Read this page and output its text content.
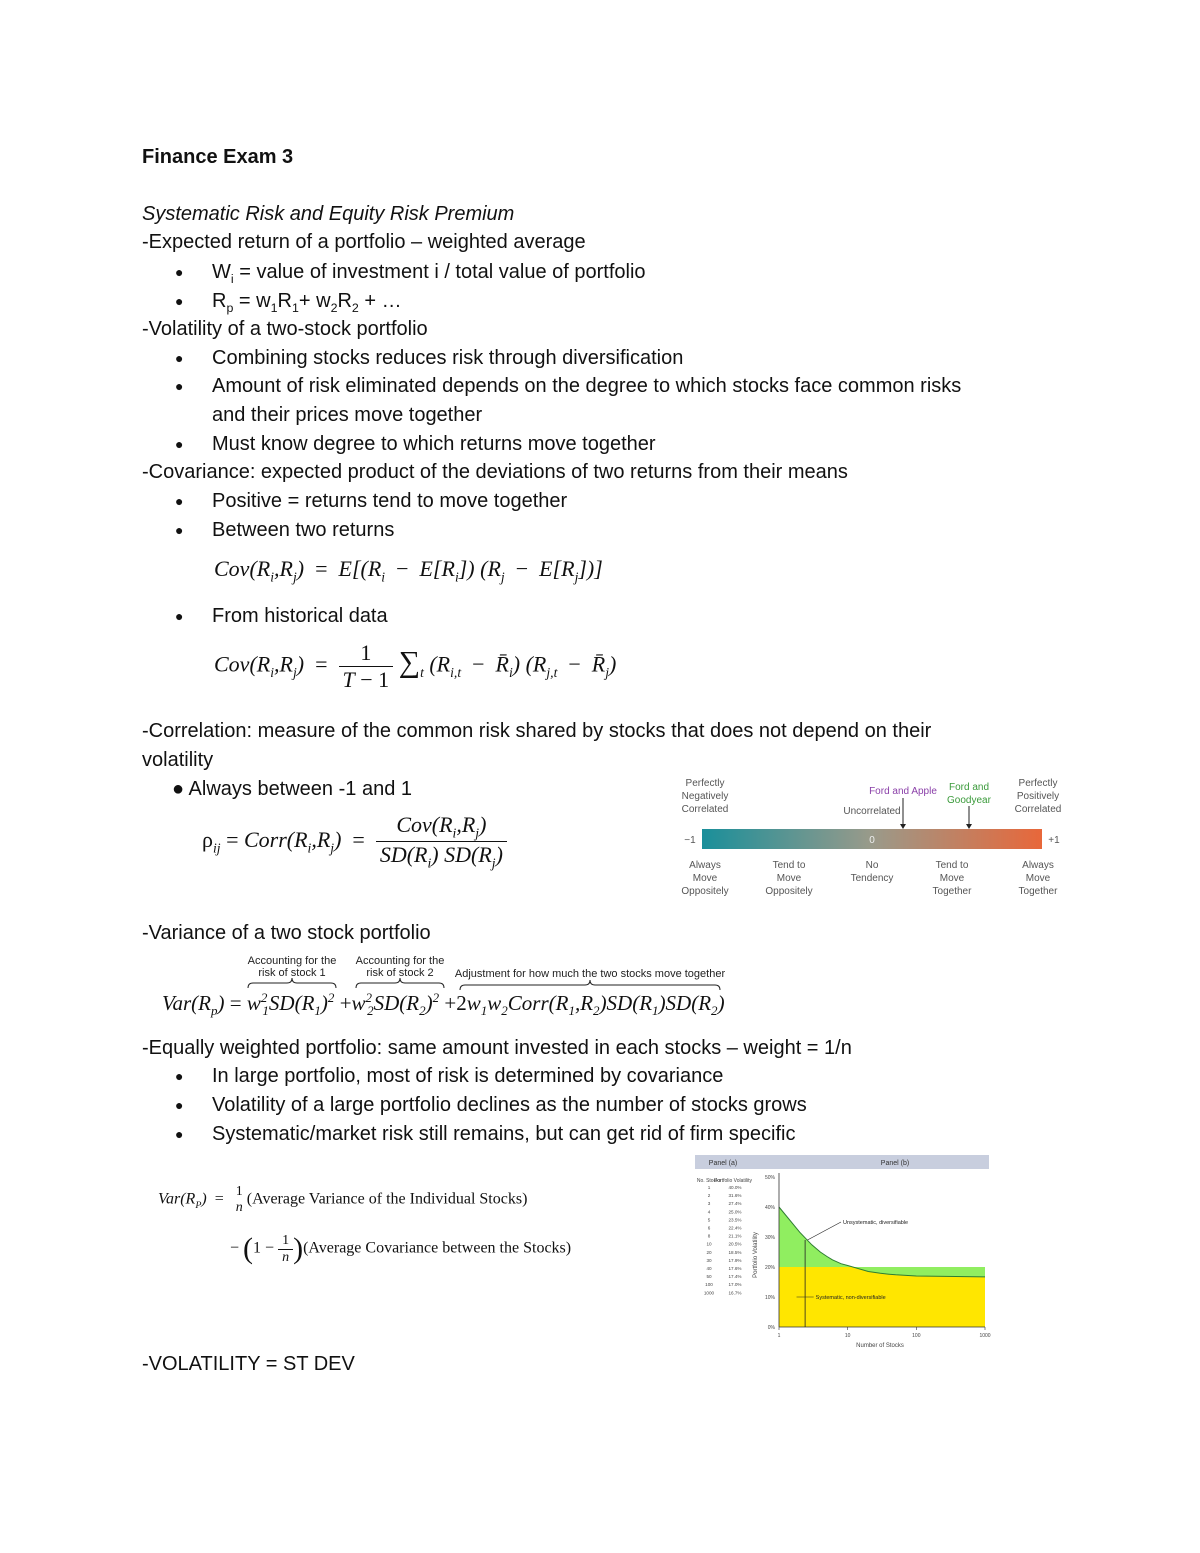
Finance Exam 3
Systematic Risk and Equity Risk Premium
-Expected return of a portfolio – weighted average
● $W_i$ = value of investment i / total value of portfolio
● $R_p = w_1R_1+ w_2R_2$ + …
-Volatility of a two-stock portfolio
● Combining stocks reduces risk through diversification
● Amount of risk eliminated depends on the degree to which stocks face common risks
and their prices move together
● Must know degree to which returns move together
-Covariance: expected product of the deviations of two returns from their means
● Positive = returns tend to move together
● Between two returns
$Cov(R_i,R_j) = E[(R_i - E[R_i]) (R_j - E[R_j])]$
● From historical data
$Cov(R_i,R_j) = \frac{1}{T - 1} \sum_t$ ($R_{i,t}$  −  $R̄_i$) ($R_{j,t}$  −  $R̄_j$)
-Correlation: measure of the common risk shared by stocks that does not depend on their
volatility
● Always between -1 and 1
$\rho_{ij}$ = $Corr(R_i,R_j) = \frac{Cov(R_i,R_j)}{SD(R_i) SD(R_j)}$
Perfectly Negatively Correlated	Uncorrelated
Ford and Apple Ford and Goodyear
Perfectly Positively Correlated
−1	0	+1
Always Move Oppositely
Tend to Move Oppositely
No Tendency
Tend to Move Together
Always Move Together
-Variance of a two stock portfolio
Accounting for the risk of stock 1
Accounting for the risk of stock 2	Adjustment for how much the two stocks move together
$Var(R_p) = w^2_1SD(R_1)^2 +w^2_2SD(R_2)^2$ $+2w_1w_2Corr(R_1,R_2)SD(R_1)SD(R_2)$
-Equally weighted portfolio: same amount invested in each stocks – weight = 1/n
● In large portfolio, most of risk is determined by covariance
● Volatility of a large portfolio declines as the number of stocks grows
● Systematic/market risk still remains, but can get rid of firm specific
$Var(R_P) = 1$
n (Average Variance of the Individual Stocks)
− ($1 - \frac{1}{n}$ )(Average Covariance between the Stocks)
Panel (a)	Panel (b)
No. Stocks
Portfolio Volatility
1	40.0%
2	31.6%
3	27.4%
4	25.0%
5	23.5%
6	22.4%
8	21.1%
10	20.5%
20	18.5%
30	17.9%
40	17.6%
50	17.4%
100	17.0%
1000	16.7%
0%
10%
20%
30%
40%
50%
1	10	100	1000
Unsystematic, diversifiable
Systematic, non-diversifiable
Portfolio Volatility
Number of Stocks
-VOLATILITY = ST DEV
